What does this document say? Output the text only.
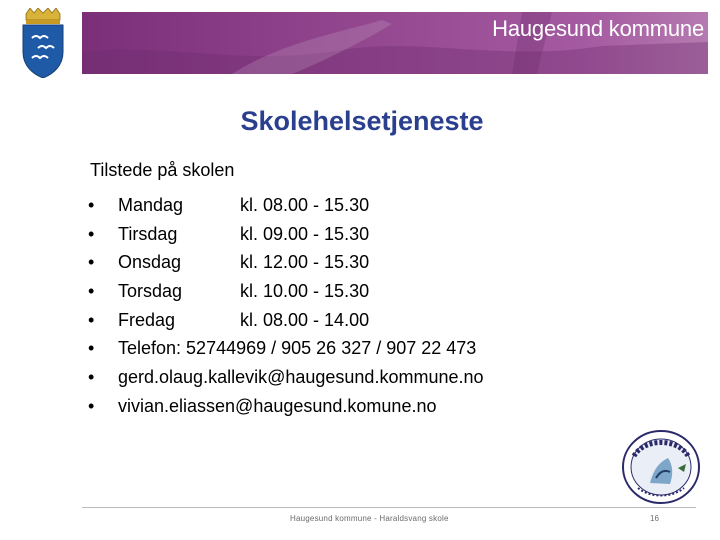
Haugesund kommune
Skolehelsetjeneste
Tilstede på skolen
•	Mandag	kl. 08.00 - 15.30
•	Tirsdag	kl. 09.00 - 15.30
•	Onsdag	kl. 12.00 - 15.30
•	Torsdag	kl. 10.00 - 15.30
•	Fredag	kl. 08.00 - 14.00
•	Telefon: 52744969 / 905 26 327 / 907 22 473
•	gerd.olaug.kallevik@haugesund.kommune.no
•	vivian.eliassen@haugesund.komune.no
Haugesund kommune - Haraldsvang skole	16
